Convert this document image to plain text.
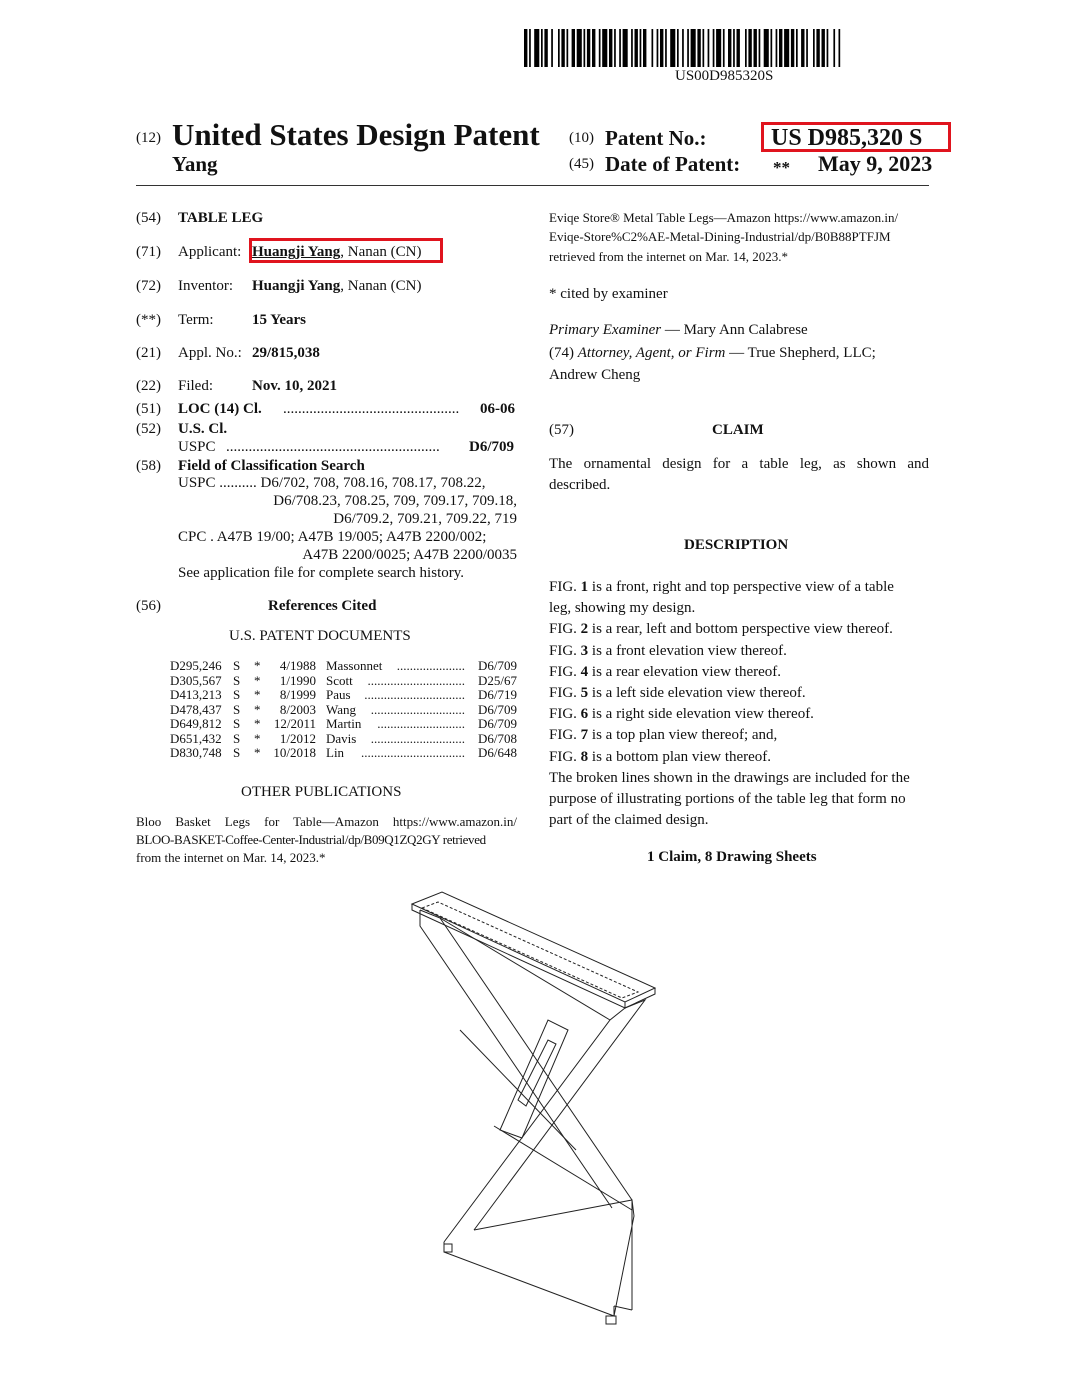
US00D985320S
(12) United States Design Patent
Yang
(10) Patent No.:	US D985,320 S
(45) Date of Patent: ** May 9, 2023
(54) TABLE LEG
(71) Applicant: Huangji Yang, Nanan (CN)
(72) Inventor: Huangji Yang, Nanan (CN)
(**) Term:	15 Years
(21) Appl. No.: 29/815,038
(22) Filed:	Nov. 10, 2021
(51) LOC (14) Cl. ...............................................	06-06
(52) U.S. Cl.
USPC .........................................................	D6/709
(58) Field of Classification Search
USPC .......... D6/702, 708, 708.16, 708.17, 708.22,
D6/708.23, 708.25, 709, 709.17, 709.18,
D6/709.2, 709.21, 709.22, 719
CPC . A47B 19/00; A47B 19/005; A47B 2200/002;
A47B 2200/0025; A47B 2200/0035
See application file for complete search history.
(56)	References Cited
U.S. PATENT DOCUMENTS
D295,246 S * 4/1988 Massonnet	D6/709
.....................
D305,567 S * 1/1990 Scott	D25/67
..............................
D413,213 S * 8/1999 Paus	D6/719
...............................
D478,437 S * 8/2003 Wang	D6/709
.............................
D649,812 S * 12/2011 Martin	D6/709
...........................
D651,432 S * 1/2012 Davis	D6/708
.............................
D830,748 S * 10/2018 Lin	D6/648
................................
OTHER PUBLICATIONS
Bloo Basket Legs for Table—Amazon https://www.amazon.in/
BLOO-BASKET-Coffee-Center-Industrial/dp/B09Q1ZQ2GY retrieved
from the internet on Mar. 14, 2023.*
Eviqe Store® Metal Table Legs—Amazon https://www.amazon.in/
Eviqe-Store%C2%AE-Metal-Dining-Industrial/dp/B0B88PTFJM
retrieved from the internet on Mar. 14, 2023.*
* cited by examiner
Primary Examiner — Mary Ann Calabrese
(74) Attorney, Agent, or Firm — True Shepherd, LLC;
Andrew Cheng
(57)	CLAIM
The ornamental design for a table leg, as shown and
described.
DESCRIPTION
FIG. 1 is a front, right and top perspective view of a table
leg, showing my design.
FIG. 2 is a rear, left and bottom perspective view thereof.
FIG. 3 is a front elevation view thereof.
FIG. 4 is a rear elevation view thereof.
FIG. 5 is a left side elevation view thereof.
FIG. 6 is a right side elevation view thereof.
FIG. 7 is a top plan view thereof; and,
FIG. 8 is a bottom plan view thereof.
The broken lines shown in the drawings are included for the
purpose of illustrating portions of the table leg that form no
part of the claimed design.
1 Claim, 8 Drawing Sheets
